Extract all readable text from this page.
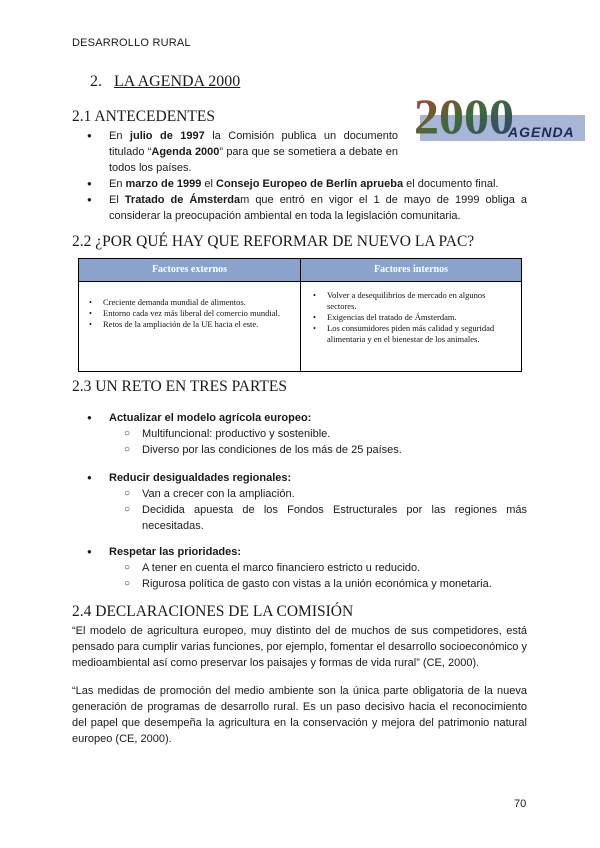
DESARROLLO RURAL
2. LA AGENDA 2000
2000
AGENDA
2.1 ANTECEDENTES
● En julio de 1997 la Comisión publica un documento titulado “Agenda 2000” para que se sometiera a debate en todos los países.
● En marzo de 1999 el Consejo Europeo de Berlín aprueba el documento final.
● El Tratado de Ámsterdam que entró en vigor el 1 de mayo de 1999 obliga a considerar la preocupación ambiental en toda la legislación comunitaria.
2.2 ¿POR QUÉ HAY QUE REFORMAR DE NUEVO LA PAC?
Factores externos	Factores internos
• Creciente demanda mundial de alimentos.
• Entorno cada vez más liberal del comercio mundial.
• Retos de la ampliación de la UE hacia el este.
• Volver a desequilibrios de mercado en algunos sectores.
• Exigencias del tratado de Ámsterdam.
• Los consumidores piden más calidad y seguridad alimentaria y en el bienestar de los animales.
2.3 UN RETO EN TRES PARTES
● Actualizar el modelo agrícola europeo:
○ Multifuncional: productivo y sostenible.
○ Diverso por las condiciones de los más de 25 países.
● Reducir desigualdades regionales:
○ Van a crecer con la ampliación.
○ Decidida apuesta de los Fondos Estructurales por las regiones más necesitadas.
● Respetar las prioridades:
○ A tener en cuenta el marco financiero estricto u reducido.
○ Rigurosa política de gasto con vistas a la unión económica y monetaria.
2.4 DECLARACIONES DE LA COMISIÓN
“El modelo de agricultura europeo, muy distinto del de muchos de sus competidores, está pensado para cumplir varias funciones, por ejemplo, fomentar el desarrollo socioeconómico y medioambiental así como preservar los paisajes y formas de vida rural” (CE, 2000).
“Las medidas de promoción del medio ambiente son la única parte obligatoria de la nueva generación de programas de desarrollo rural. Es un paso decisivo hacia el reconocimiento del papel que desempeña la agricultura en la conservación y mejora del patrimonio natural europeo (CE, 2000).
70
